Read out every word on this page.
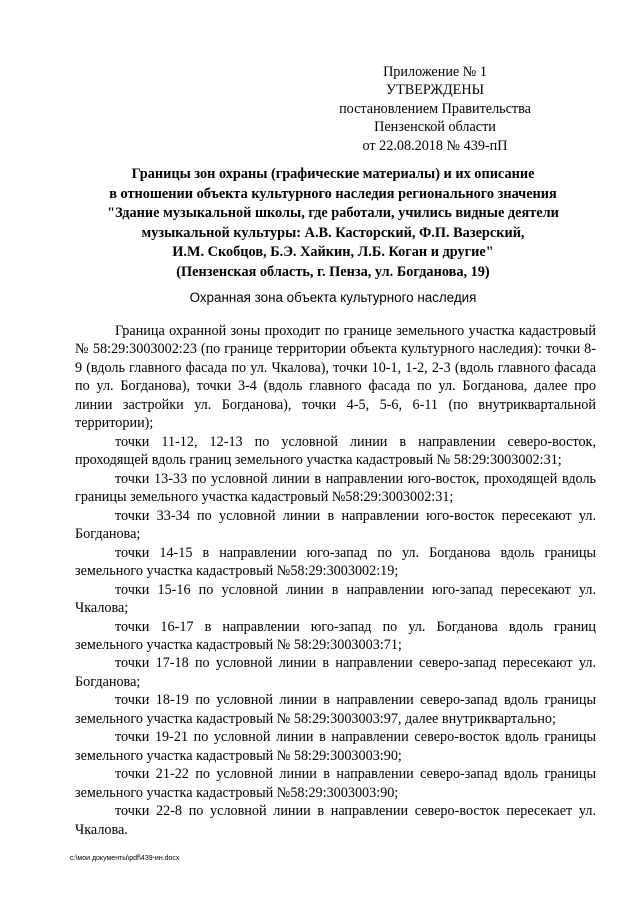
Приложение № 1
УТВЕРЖДЕНЫ
постановлением Правительства
Пензенской области
от 22.08.2018 № 439-пП
Границы зон охраны (графические материалы) и их описание
в отношении объекта культурного наследия регионального значения
"Здание музыкальной школы, где работали, учились видные деятели
музыкальной культуры: А.В. Касторский, Ф.П. Вазерский,
И.М. Скобцов, Б.Э. Хайкин, Л.Б. Коган и другие"
(Пензенская область, г. Пенза, ул. Богданова, 19)
Охранная зона объекта культурного наследия

Граница охранной зоны проходит по границе земельного участка кадастровый № 58:29:3003002:23 (по границе территории объекта культурного наследия): точки 8-9 (вдоль главного фасада по ул. Чкалова), точки 10-1, 1-2, 2-3 (вдоль главного фасада по ул. Богданова), точки 3-4 (вдоль главного фасада по ул. Богданова, далее про линии застройки ул. Богданова), точки 4-5, 5-6, 6-11 (по внутриквартальной территории);

точки 11-12, 12-13 по условной линии в направлении северо-восток, проходящей вдоль границ земельного участка кадастровый № 58:29:3003002:31;

точки 13-33 по условной линии в направлении юго-восток, проходящей вдоль границы земельного участка кадастровый №58:29:3003002:31;

точки 33-34 по условной линии в направлении юго-восток пересекают ул. Богданова;

точки 14-15 в направлении юго-запад по ул. Богданова вдоль границы земельного участка кадастровый №58:29:3003002:19;

точки 15-16 по условной линии в направлении юго-запад пересекают ул. Чкалова;

точки 16-17 в направлении юго-запад по ул. Богданова вдоль границ земельного участка кадастровый № 58:29:3003003:71;

точки 17-18 по условной линии в направлении северо-запад пересекают ул. Богданова;

точки 18-19 по условной линии в направлении северо-запад вдоль границы земельного участка кадастровый № 58:29:3003003:97, далее внутриквартально;

точки 19-21 по условной линии в направлении северо-восток вдоль границы земельного участка кадастровый № 58:29:3003003:90;

точки 21-22 по условной линии в направлении северо-запад вдоль границы земельного участка кадастровый №58:29:3003003:90;

точки 22-8 по условной линии в направлении северо-восток пересекает ул. Чкалова.

c:\мои документы\pdf\439-ин.docx
